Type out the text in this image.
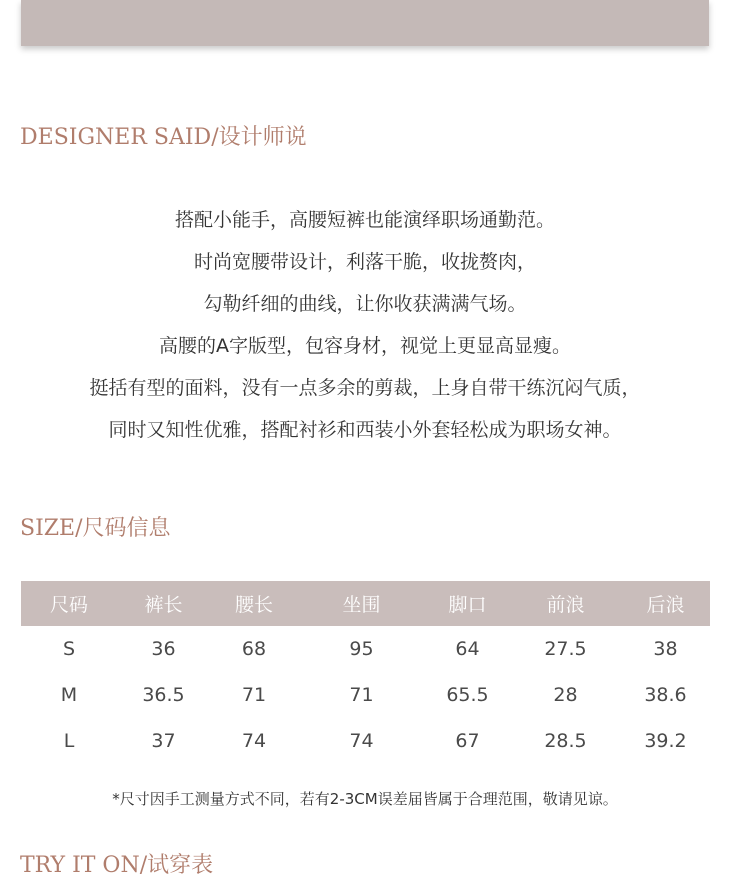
DESIGNER SAID/设计师说
搭配小能手，高腰短裤也能演绎职场通勤范。
时尚宽腰带设计，利落干脆，收拢赘肉，
勾勒纤细的曲线，让你收获满满气场。
高腰的A字版型，包容身材，视觉上更显高显瘦。
挺括有型的面料，没有一点多余的剪裁，上身自带干练沉闷气质，
同时又知性优雅，搭配衬衫和西装小外套轻松成为职场女神。
SIZE/尺码信息
尺码	裤长	腰长	坐围	脚口	前浪	后浪
S	36	68	95	64	27.5	38
M	36.5	71	71	65.5	28	38.6
L	37	74	74	67	28.5	39.2
*尺寸因手工测量方式不同，若有2-3CM误差届皆属于合理范围，敬请见谅。
TRY IT ON/试穿表
